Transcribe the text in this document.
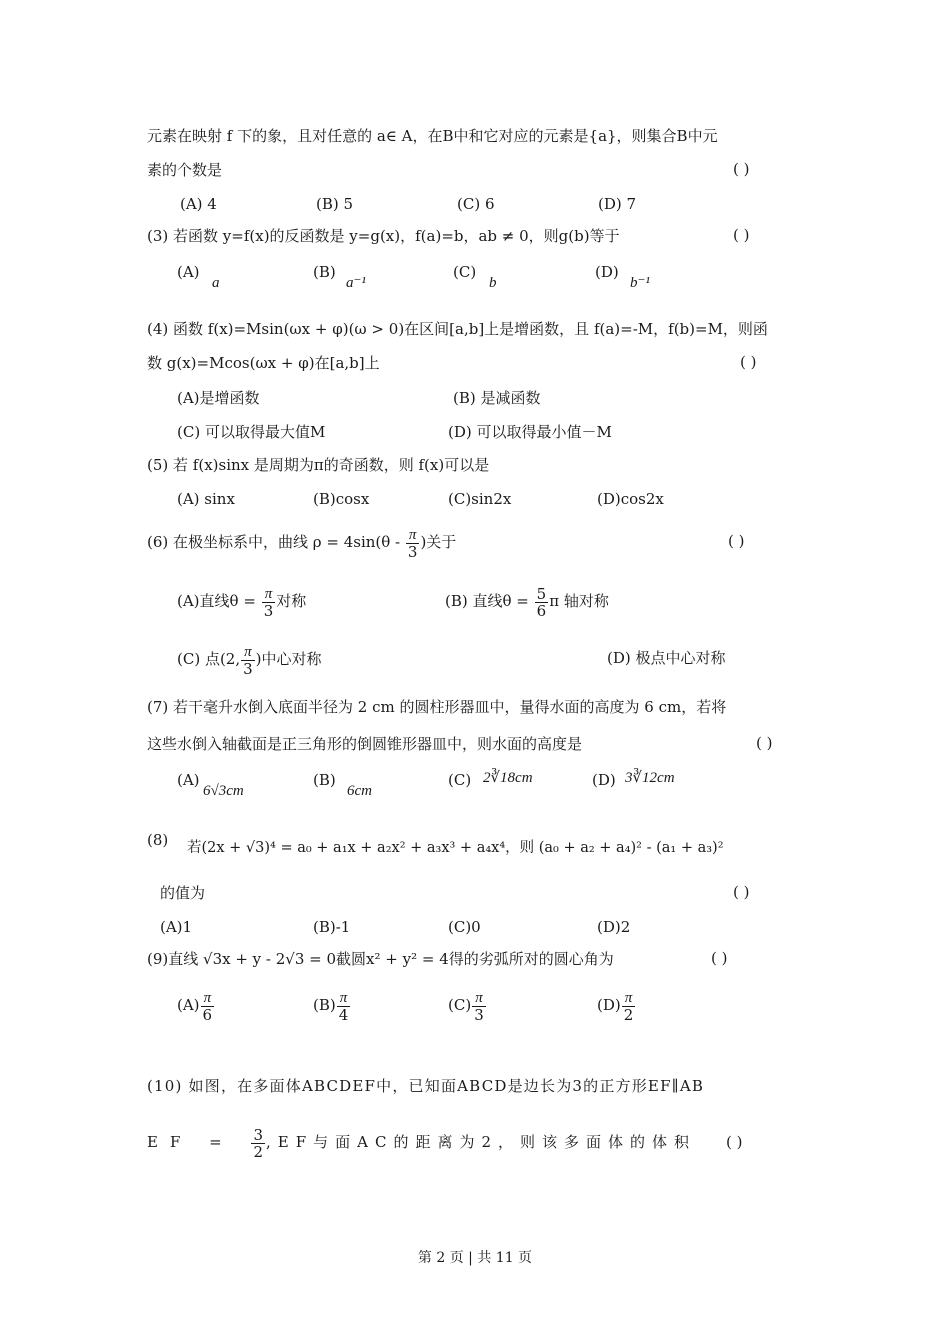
元素在映射 f 下的象，且对任意的 a∈ A，在B中和它对应的元素是{a}，则集合B中元
素的个数是	( )
(A) 4	(B) 5	(C) 6	(D) 7
(3) 若函数 y=f(x)的反函数是 y=g(x)，f(a)=b，ab ≠ 0，则g(b)等于	( )
(A)
a
(B)
a⁻¹
(C)
b
(D)
b⁻¹
(4) 函数 f(x)=Msin(ωx + φ)(ω > 0)在区间[a,b]上是增函数，且 f(a)=-M，f(b)=M，则函
数 g(x)=Mcos(ωx + φ)在[a,b]上	( )
(A)是增函数	(B) 是减函数
(C) 可以取得最大值M	(D) 可以取得最小值－M
(5) 若 f(x)sinx 是周期为π的奇函数，则 f(x)可以是
(A) sinx	(B)cosx	(C)sin2x	(D)cos2x
(6) 在极坐标系中，曲线 $\rho = 4\sin(\theta - \frac{\pi}{3}$ )关于	( )
(A)直线$\theta = \frac{\pi}{3}$ 对称	(B) 直线$\theta = \frac{5}{6}$ π 轴对称
(C) 点(2, $\frac{\pi}{3}$ )中心对称	(D) 极点中心对称
(7) 若干毫升水倒入底面半径为 2 cm 的圆柱形器皿中，量得水面的高度为 6 cm，若将
这些水倒入轴截面是正三角形的倒圆锥形器皿中，则水面的高度是	( )
(A)
6√3cm
(B)
6cm
(C) 2∛18cm	(D) 3∛12cm
(8) 若(2x + √3)⁴ = a₀ + a₁x + a₂x² + a₃x³ + a₄x⁴，则 (a₀ + a₂ + a₄)² - (a₁ + a₃)²
的值为	( )
(A)1	(B)-1	(C)0	(D)2
(9)直线 √3x + y - 2√3 = 0截圆x² + y² = 4得的劣弧所对的圆心角为	( )
$(A) \frac{\pi}{6}$	$(B) \frac{\pi}{4}$	$(C) \frac{\pi}{3}$	$(D) \frac{\pi}{2}$
(10) 如图，在多面体ABCDEF中，已知面ABCD是边长为3的正方形EF∥AB
EF = $\frac{3}{2} ,EF$与面AC的距离为2，则该多面体的体积 ( )
第 2 页 | 共 11 页
